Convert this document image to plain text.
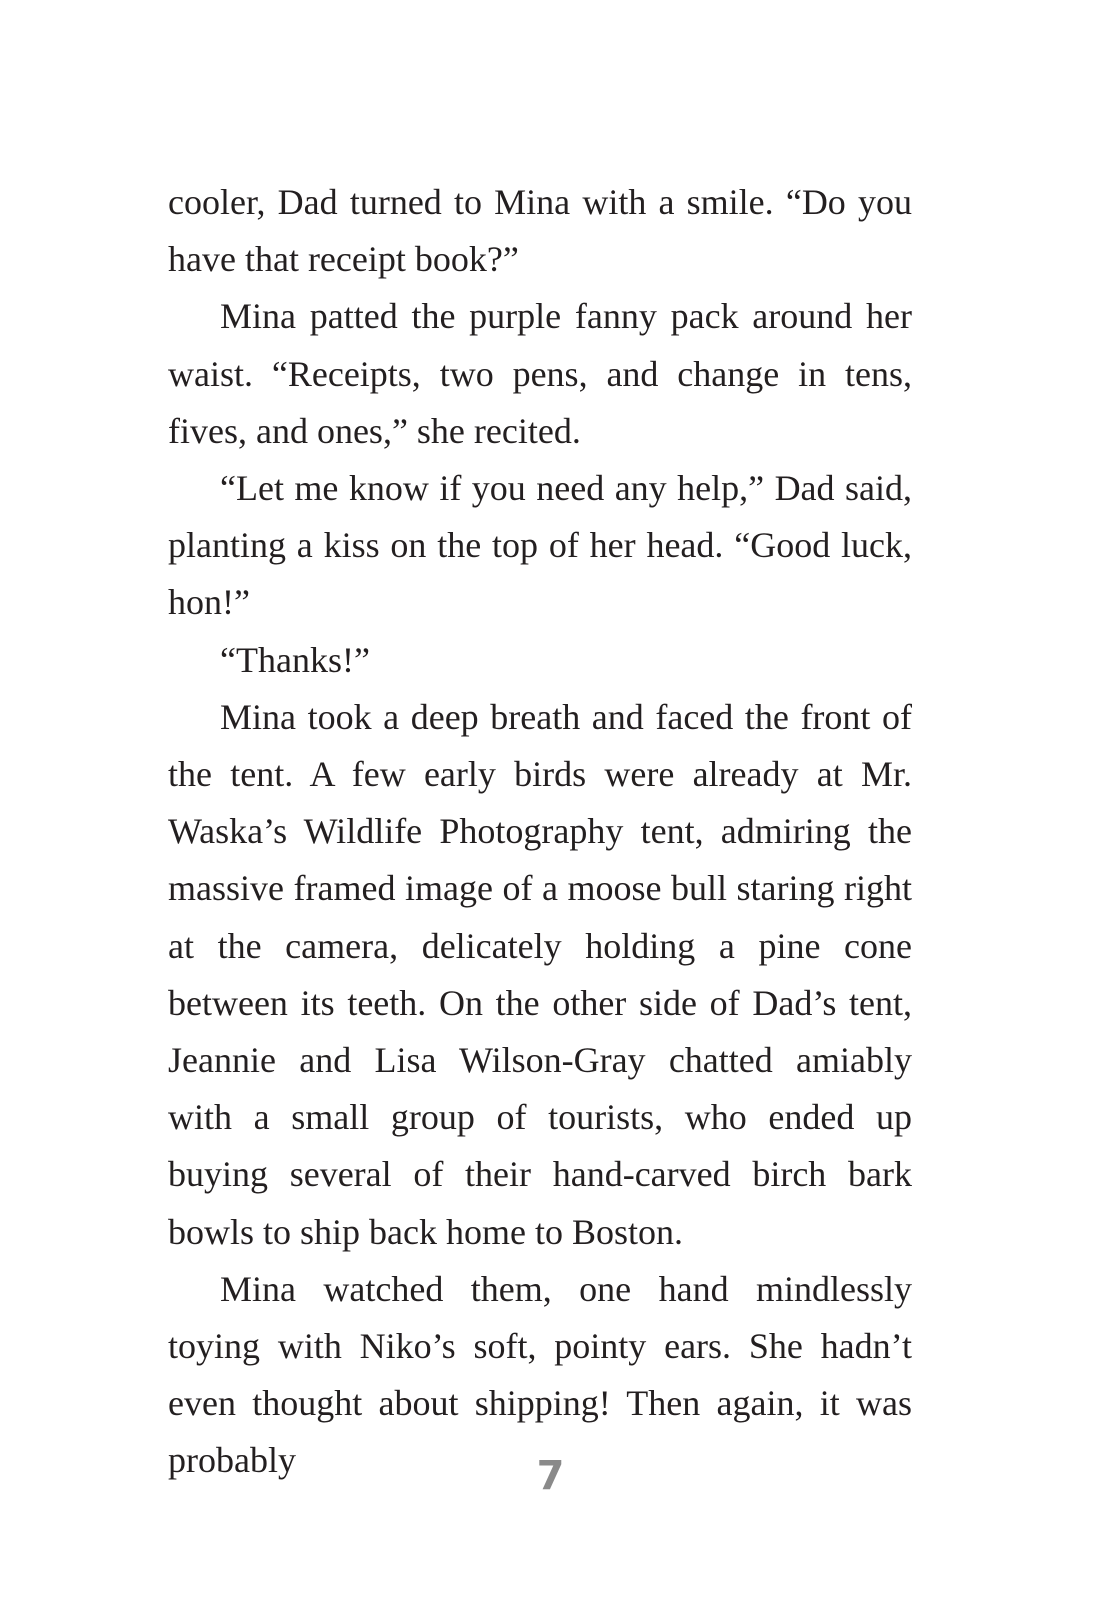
cooler, Dad turned to Mina with a smile. “Do you have that receipt book?”

Mina patted the purple fanny pack around her waist. “Receipts, two pens, and change in tens, fives, and ones,” she recited.

“Let me know if you need any help,” Dad said, planting a kiss on the top of her head. “Good luck, hon!”

“Thanks!”

Mina took a deep breath and faced the front of the tent. A few early birds were already at Mr. Waska’s Wildlife Photography tent, admiring the massive framed image of a moose bull staring right at the camera, delicately holding a pine cone between its teeth. On the other side of Dad’s tent, Jeannie and Lisa Wilson-Gray chatted amiably with a small group of tourists, who ended up buying several of their hand-carved birch bark bowls to ship back home to Boston.

Mina watched them, one hand mindlessly toying with Niko’s soft, pointy ears. She hadn’t even thought about shipping! Then again, it was probably	7
